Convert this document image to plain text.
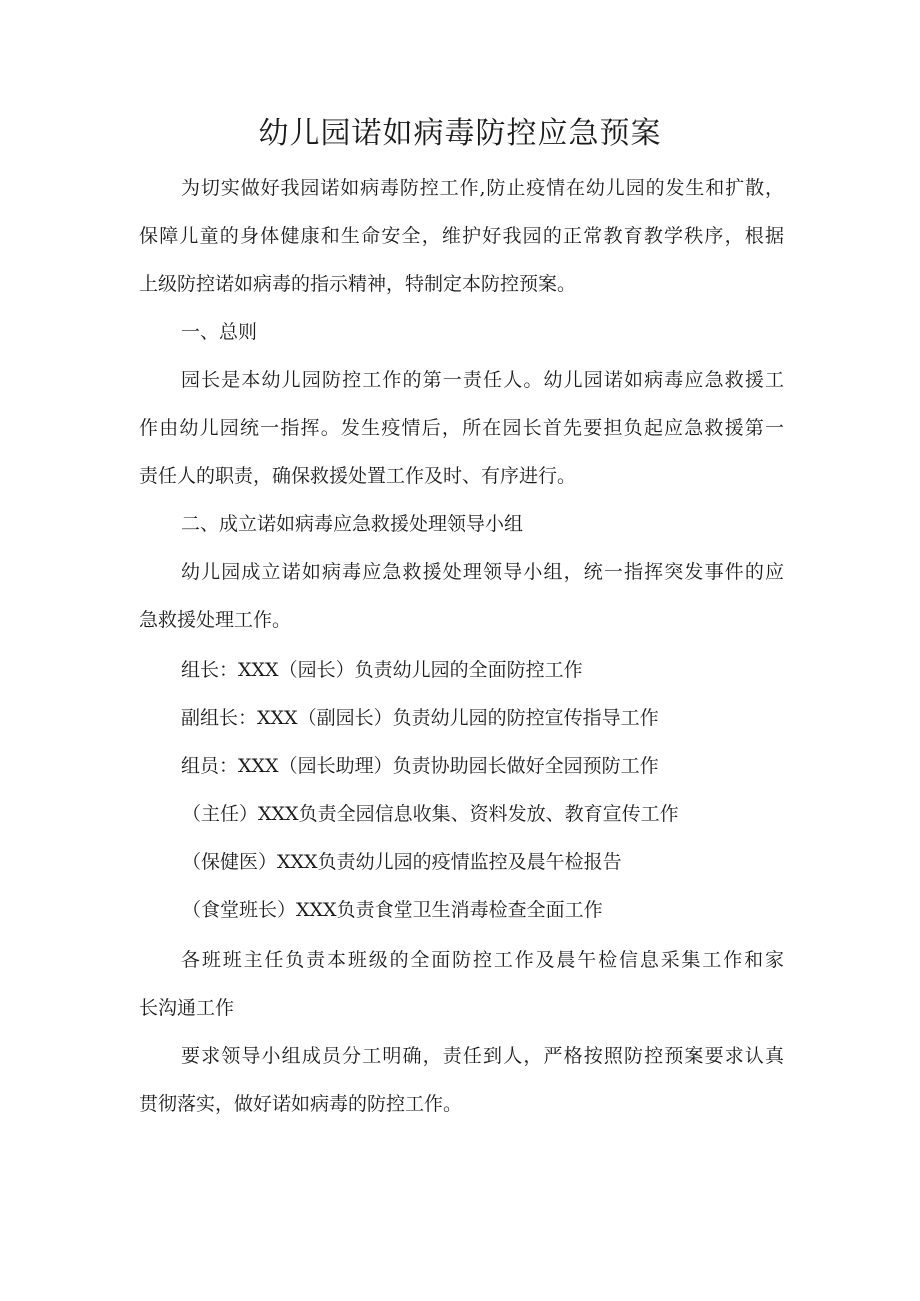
幼儿园诺如病毒防控应急预案

为切实做好我园诺如病毒防控工作,防止疫情在幼儿园的发生和扩散，

保障儿童的身体健康和生命安全，维护好我园的正常教育教学秩序，根据

上级防控诺如病毒的指示精神，特制定本防控预案。

一、总则

园长是本幼儿园防控工作的第一责任人。幼儿园诺如病毒应急救援工

作由幼儿园统一指挥。发生疫情后，所在园长首先要担负起应急救援第一

责任人的职责，确保救援处置工作及时、有序进行。

二、成立诺如病毒应急救援处理领导小组

幼儿园成立诺如病毒应急救援处理领导小组，统一指挥突发事件的应

急救援处理工作。

组长：XXX（园长）负责幼儿园的全面防控工作

副组长：XXX（副园长）负责幼儿园的防控宣传指导工作

组员：XXX（园长助理）负责协助园长做好全园预防工作

（主任）XXX负责全园信息收集、资料发放、教育宣传工作

（保健医）XXX负责幼儿园的疫情监控及晨午检报告

（食堂班长）XXX负责食堂卫生消毒检查全面工作

各班班主任负责本班级的全面防控工作及晨午检信息采集工作和家

长沟通工作

要求领导小组成员分工明确，责任到人，严格按照防控预案要求认真

贯彻落实，做好诺如病毒的防控工作。
